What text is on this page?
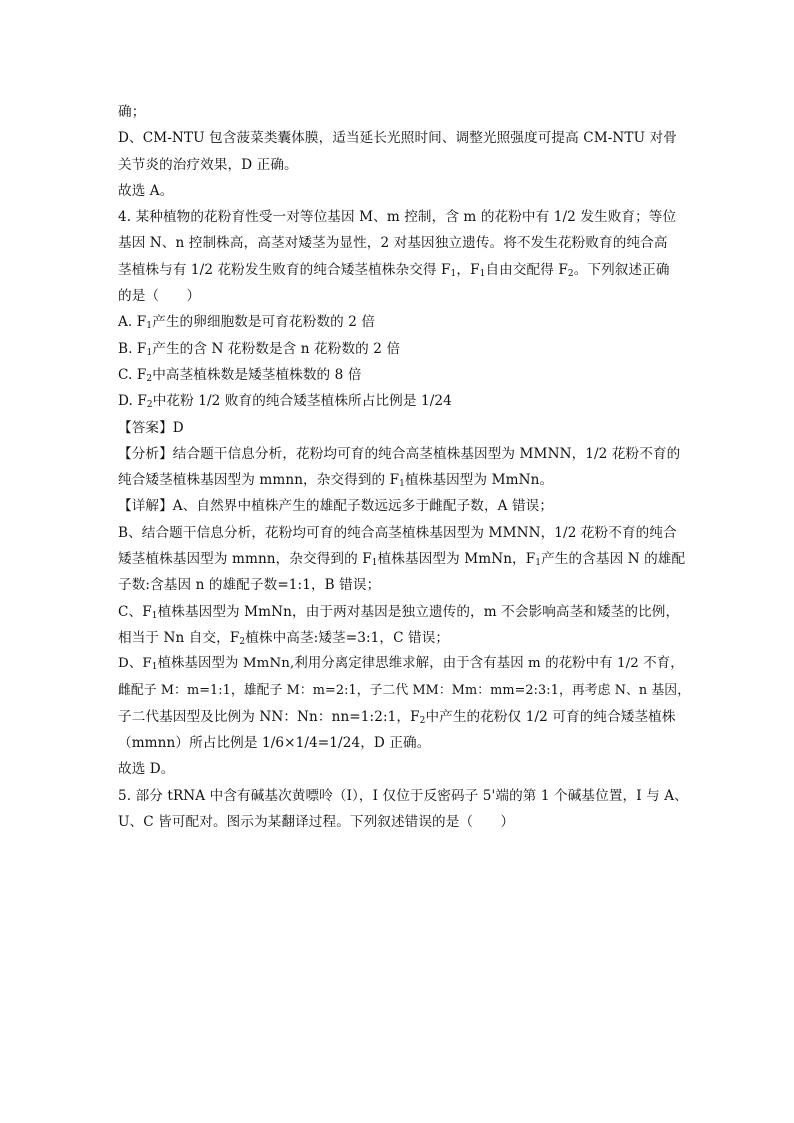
确；
D、CM-NTU 包含菠菜类囊体膜，适当延长光照时间、调整光照强度可提高 CM-NTU 对骨
关节炎的治疗效果，D 正确。
故选 A。
4. 某种植物的花粉育性受一对等位基因 M、m 控制，含 m 的花粉中有 1/2 发生败育；等位
基因 N、n 控制株高，高茎对矮茎为显性，2 对基因独立遗传。将不发生花粉败育的纯合高
茎植株与有 1/2 花粉发生败育的纯合矮茎植株杂交得 $F_1$，$F_1$自由交配得 $F_2$。下列叙述正确
的是（　　）
A. $F_1$产生的卵细胞数是可育花粉数的 2 倍
B. $F_1$产生的含 N 花粉数是含 n 花粉数的 2 倍
C. $F_2$中高茎植株数是矮茎植株数的 8 倍
D. $F_2$中花粉 1/2 败育的纯合矮茎植株所占比例是 1/24
【答案】D
【分析】结合题干信息分析，花粉均可育的纯合高茎植株基因型为 MMNN，1/2 花粉不育的
纯合矮茎植株基因型为 mmnn，杂交得到的 $F_1$植株基因型为 MmNn。
【详解】A、自然界中植株产生的雄配子数远远多于雌配子数，A 错误；
B、结合题干信息分析，花粉均可育的纯合高茎植株基因型为 MMNN，1/2 花粉不育的纯合
矮茎植株基因型为 mmnn，杂交得到的 $F_1$植株基因型为 MmNn，$F_1$产生的含基因 N 的雄配
子数:含基因 n 的雄配子数=1:1，B 错误；
C、$F_1$植株基因型为 MmNn，由于两对基因是独立遗传的，m 不会影响高茎和矮茎的比例，
相当于 Nn 自交，$F_2$植株中高茎:矮茎=3:1，C 错误；
D、$F_1$植株基因型为 MmNn,利用分离定律思维求解，由于含有基因 m 的花粉中有 1/2 不育，
雌配子 M：m=1:1，雄配子 M：m=2:1，子二代 MM：Mm：mm=2:3:1，再考虑 N、n 基因，
子二代基因型及比例为 NN：Nn：nn=1:2:1，$F_2$中产生的花粉仅 1/2 可育的纯合矮茎植株
（mmnn）所占比例是 1/6×1/4=1/24，D 正确。
故选 D。
5. 部分 tRNA 中含有碱基次黄嘌呤（I），I 仅位于反密码子 5'端的第 1 个碱基位置，I 与 A、
U、C 皆可配对。图示为某翻译过程。下列叙述错误的是（　　）
